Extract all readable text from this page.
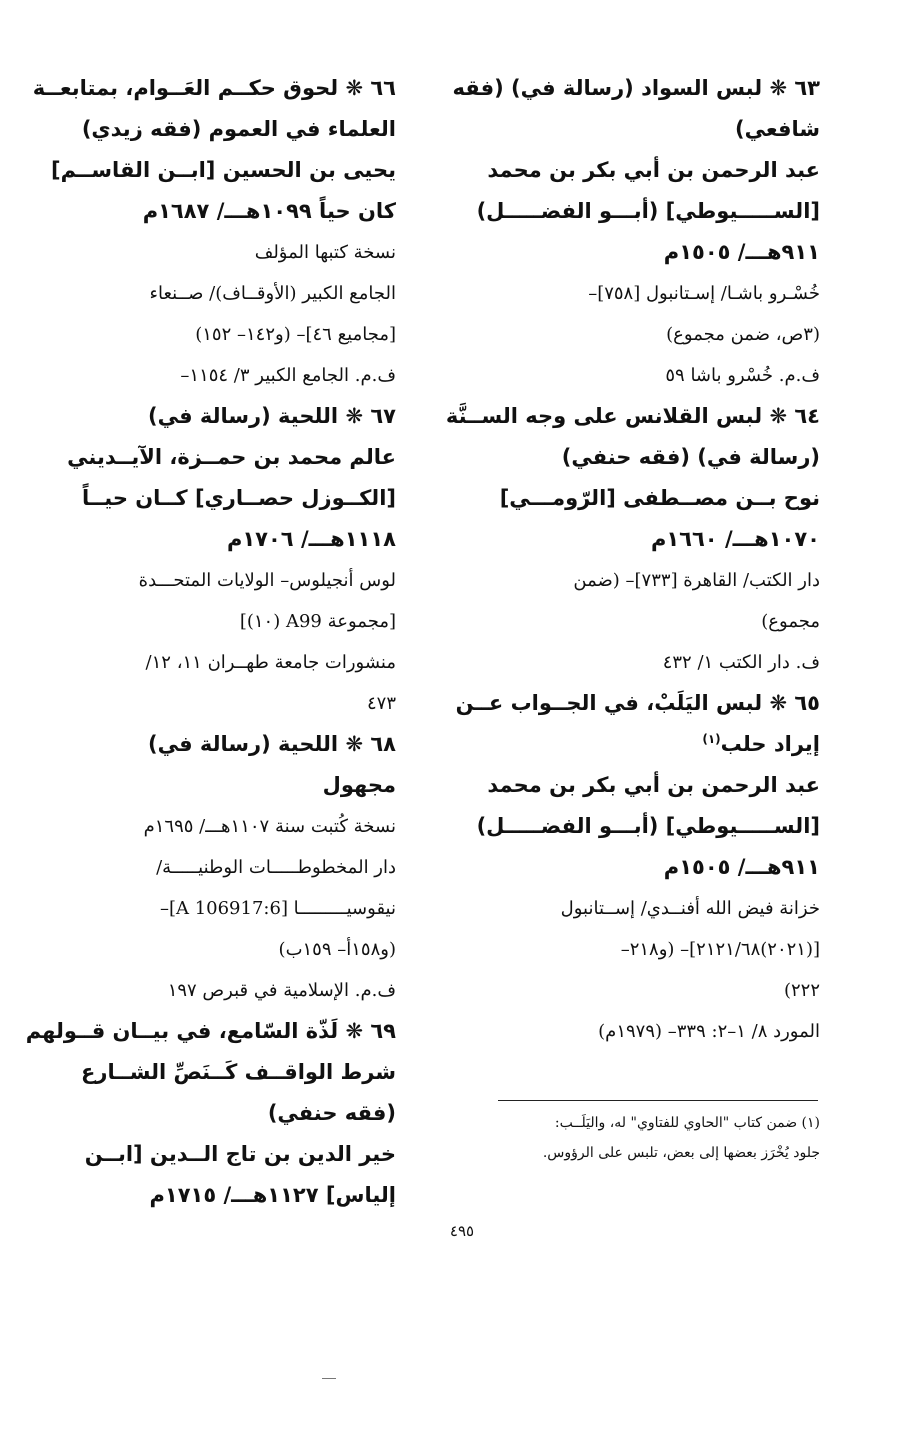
٦٣ ❋ لبس السواد (رسالة في) (فقه
شافعي)
عبد الرحمن بن أبي بكر بن محمد
[الســـــيوطي] (أبـــو الفضـــــل)
٩١١هـــ/ ١٥٠٥م
خُسْـرو باشـا/ إسـتانبول [٧٥٨]–
(٣ص، ضمن مجموع)
ف.م. خُسْرو باشا ٥٩
٦٤ ❋ لبس القلانس على وجه الســنَّة
(رسالة في) (فقه حنفي)
نوح بــن مصــطفى [الرّومـــي]
١٠٧٠هـــ/ ١٦٦٠م
دار الكتب/ القاهرة [٧٣٣]– (ضمن
مجموع)
ف. دار الكتب ١/ ٤٣٢
٦٥ ❋ لبس اليَلَبْ، في الجــواب عــن
إيراد حلب$^{(١)}$
عبد الرحمن بن أبي بكر بن محمد
[الســـــيوطي] (أبـــو الفضـــــل)
٩١١هـــ/ ١٥٠٥م
خزانة فيض الله أفنــدي/ إســتانبول
[(٢٠٢١)٢١٢١/٦٨]– (و٢١٨–
٢٢٢)
المورد ٨/ ١–٢: ٣٣٩– (١٩٧٩م)
٦٦ ❋ لحوق حكــم العَــوام، بمتابعــة
العلماء في العموم (فقه زيدي)
يحيى بن الحسين [ابــن القاســم]
كان حياً ١٠٩٩هـــ/ ١٦٨٧م
نسخة كتبها المؤلف
الجامع الكبير (الأوقــاف)/ صــنعاء
[مجاميع ٤٦]– (و١٤٢– ١٥٢)
ف.م. الجامع الكبير ٣/ ١١٥٤–
٦٧ ❋ اللحية (رسالة في)
عالم محمد بن حمــزة، الآيــديني
[الكــوزل حصــاري] كــان حيــاً
١١١٨هـــ/ ١٧٠٦م
لوس أنجيلوس– الولايات المتحـــدة
[مجموعة A99 (١٠)]
منشورات جامعة طهــران ١١، ١٢/
٤٧٣
٦٨ ❋ اللحية (رسالة في)
مجهول
نسخة كُتبت سنة ١١٠٧هـــ/ ١٦٩٥م
دار المخطوطـــــات الوطنيـــــة/
نيقوسيـــــــــا [A 106917:6]–
(و١٥٨أ– ١٥٩ب)
ف.م. الإسلامية في قبرص ١٩٧
٦٩ ❋ لَذّة السّامع، في بيــان قــولهم
شرط الواقــف كَــنَصِّ الشــارع
(فقه حنفي)
خير الدين بن تاج الــدين [ابــن
إلياس] ١١٢٧هـــ/ ١٧١٥م
(١) ضمن كتاب "الحاوي للفتاوي" له، واليَلَــب:
جلود يُخْرَز بعضها إلى بعض، تلبس على الرؤوس.
٤٩٥
